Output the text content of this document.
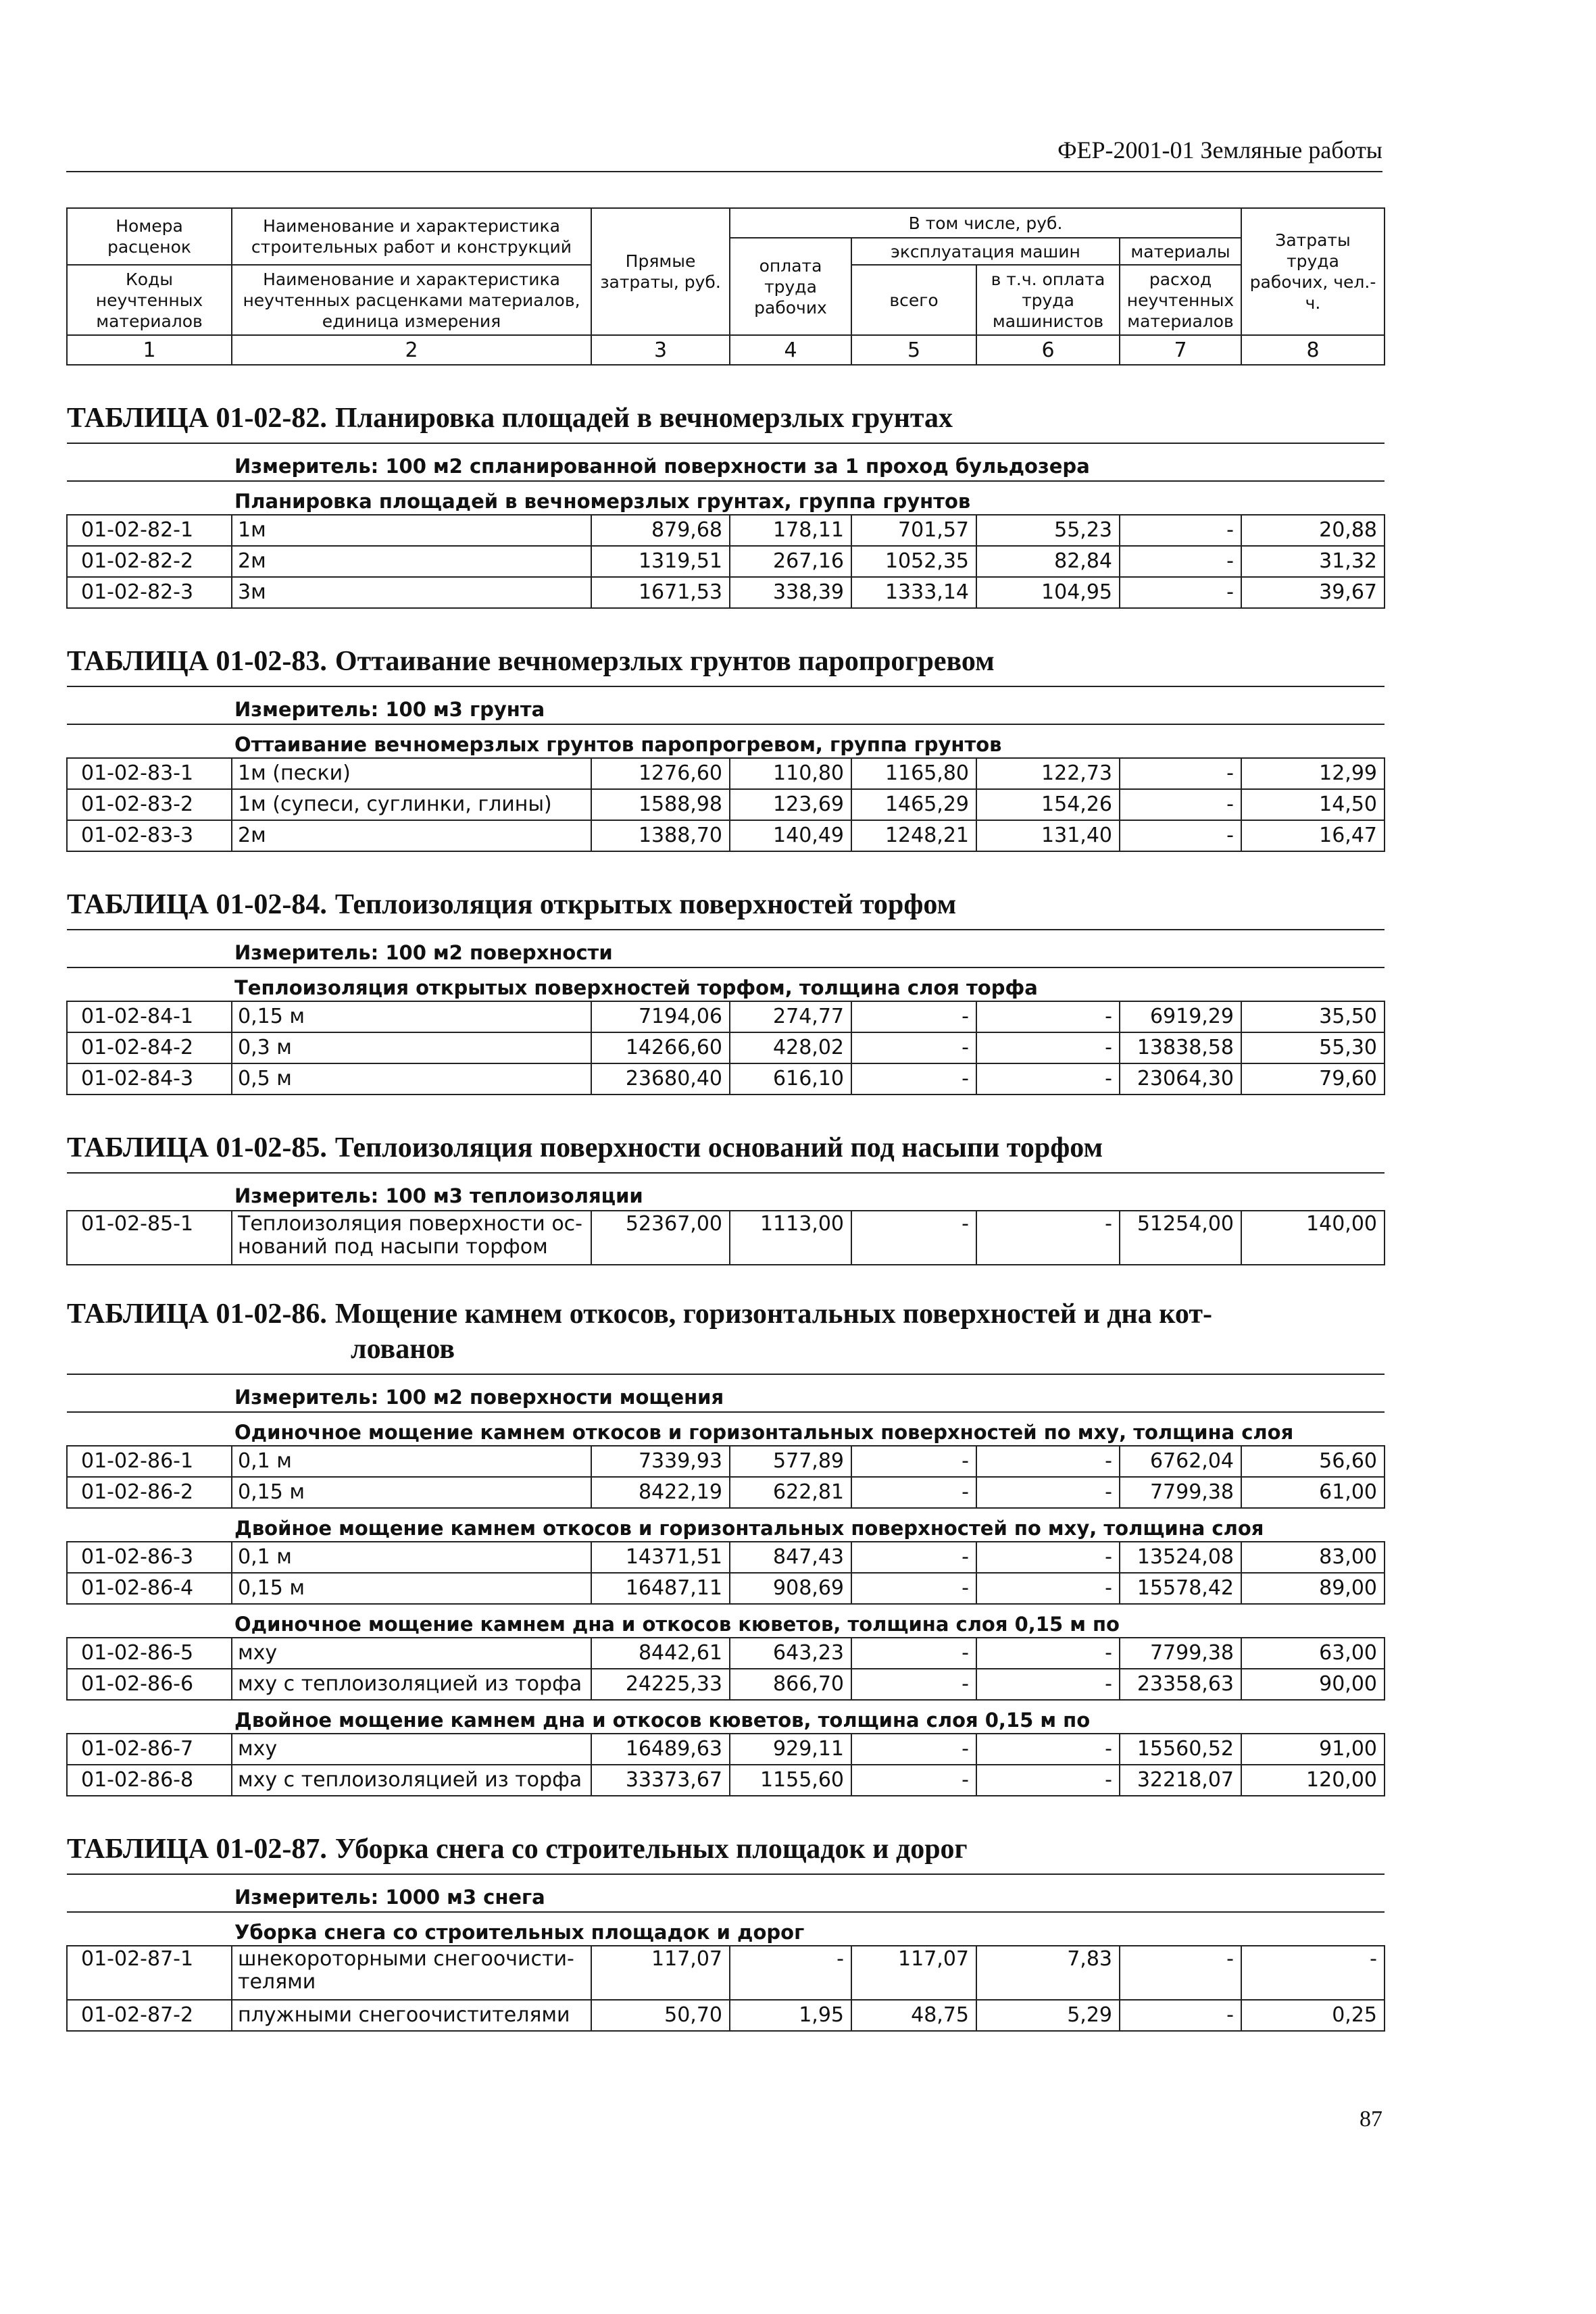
ФЕР-2001-01 Земляные работы
Номера расценок	Наименование и характеристика строительных работ и конструкций	Прямые затраты, руб.	В том числе, руб.				Затраты труда рабочих, чел.-ч.
			оплата труда рабочих	эксплуатация машин		материалы	
Коды неучтенных материалов	Наименование и характеристика неучтенных расценками материалов, единица измерения			всего	в т.ч. оплата труда машинистов	расход неучтенных материалов	

1	2	3	4	5	6	7	8

ТАБЛИЦА 01-02-82. Планировка площадей в вечномерзлых грунтах							

Измеритель: 100 м2 спланированной поверхности за 1 проход бульдозера							
Планировка площадей в вечномерзлых грунтах, группа грунтов							
01-02-82-1	1м	879,68	178,11	701,57	55,23	-	20,88
01-02-82-2	2м	1319,51	267,16	1052,35	82,84	-	31,32
01-02-82-3	3м	1671,53	338,39	1333,14	104,95	-	39,67

ТАБЛИЦА 01-02-83. Оттаивание вечномерзлых грунтов паропрогревом							

Измеритель: 100 м3 грунта							
Оттаивание вечномерзлых грунтов паропрогревом, группа грунтов							
01-02-83-1	1м (пески)	1276,60	110,80	1165,80	122,73	-	12,99
01-02-83-2	1м (супеси, суглинки, глины)	1588,98	123,69	1465,29	154,26	-	14,50
01-02-83-3	2м	1388,70	140,49	1248,21	131,40	-	16,47

ТАБЛИЦА 01-02-84. Теплоизоляция открытых поверхностей торфом							

Измеритель: 100 м2 поверхности							
Теплоизоляция открытых поверхностей торфом, толщина слоя торфа							
01-02-84-1	0,15 м	7194,06	274,77	-	-	6919,29	35,50
01-02-84-2	0,3 м	14266,60	428,02	-	-	13838,58	55,30
01-02-84-3	0,5 м	23680,40	616,10	-	-	23064,30	79,60

ТАБЛИЦА 01-02-85. Теплоизоляция поверхности оснований под насыпи торфом							

Измеритель: 100 м3 теплоизоляции							
01-02-85-1	Теплоизоляция поверхности ос-нований под насыпи торфом	52367,00	1113,00	-	-	51254,00	140,00

ТАБЛИЦА 01-02-86. Мощение камнем откосов, горизонтальных поверхностей и дна кот-
лованов							

Измеритель: 100 м2 поверхности мощения							
Одиночное мощение камнем откосов и горизонтальных поверхностей по мху, толщина слоя							
01-02-86-1	0,1 м	7339,93	577,89	-	-	6762,04	56,60
01-02-86-2	0,15 м	8422,19	622,81	-	-	7799,38	61,00
Двойное мощение камнем откосов и горизонтальных поверхностей по мху, толщина слоя							
01-02-86-3	0,1 м	14371,51	847,43	-	-	13524,08	83,00
01-02-86-4	0,15 м	16487,11	908,69	-	-	15578,42	89,00
Одиночное мощение камнем дна и откосов кюветов, толщина слоя 0,15 м по							
01-02-86-5	мху	8442,61	643,23	-	-	7799,38	63,00
01-02-86-6	мху с теплоизоляцией из торфа	24225,33	866,70	-	-	23358,63	90,00
Двойное мощение камнем дна и откосов кюветов, толщина слоя 0,15 м по							
01-02-86-7	мху	16489,63	929,11	-	-	15560,52	91,00
01-02-86-8	мху с теплоизоляцией из торфа	33373,67	1155,60	-	-	32218,07	120,00

ТАБЛИЦА 01-02-87. Уборка снега со строительных площадок и дорог							

Измеритель: 1000 м3 снега							
Уборка снега со строительных площадок и дорог							
01-02-87-1	шнекороторными снегоочисти-телями	117,07	-	117,07	7,83	-	-
01-02-87-2	плужными снегоочистителями	50,70	1,95	48,75	5,29	-	0,25
87
